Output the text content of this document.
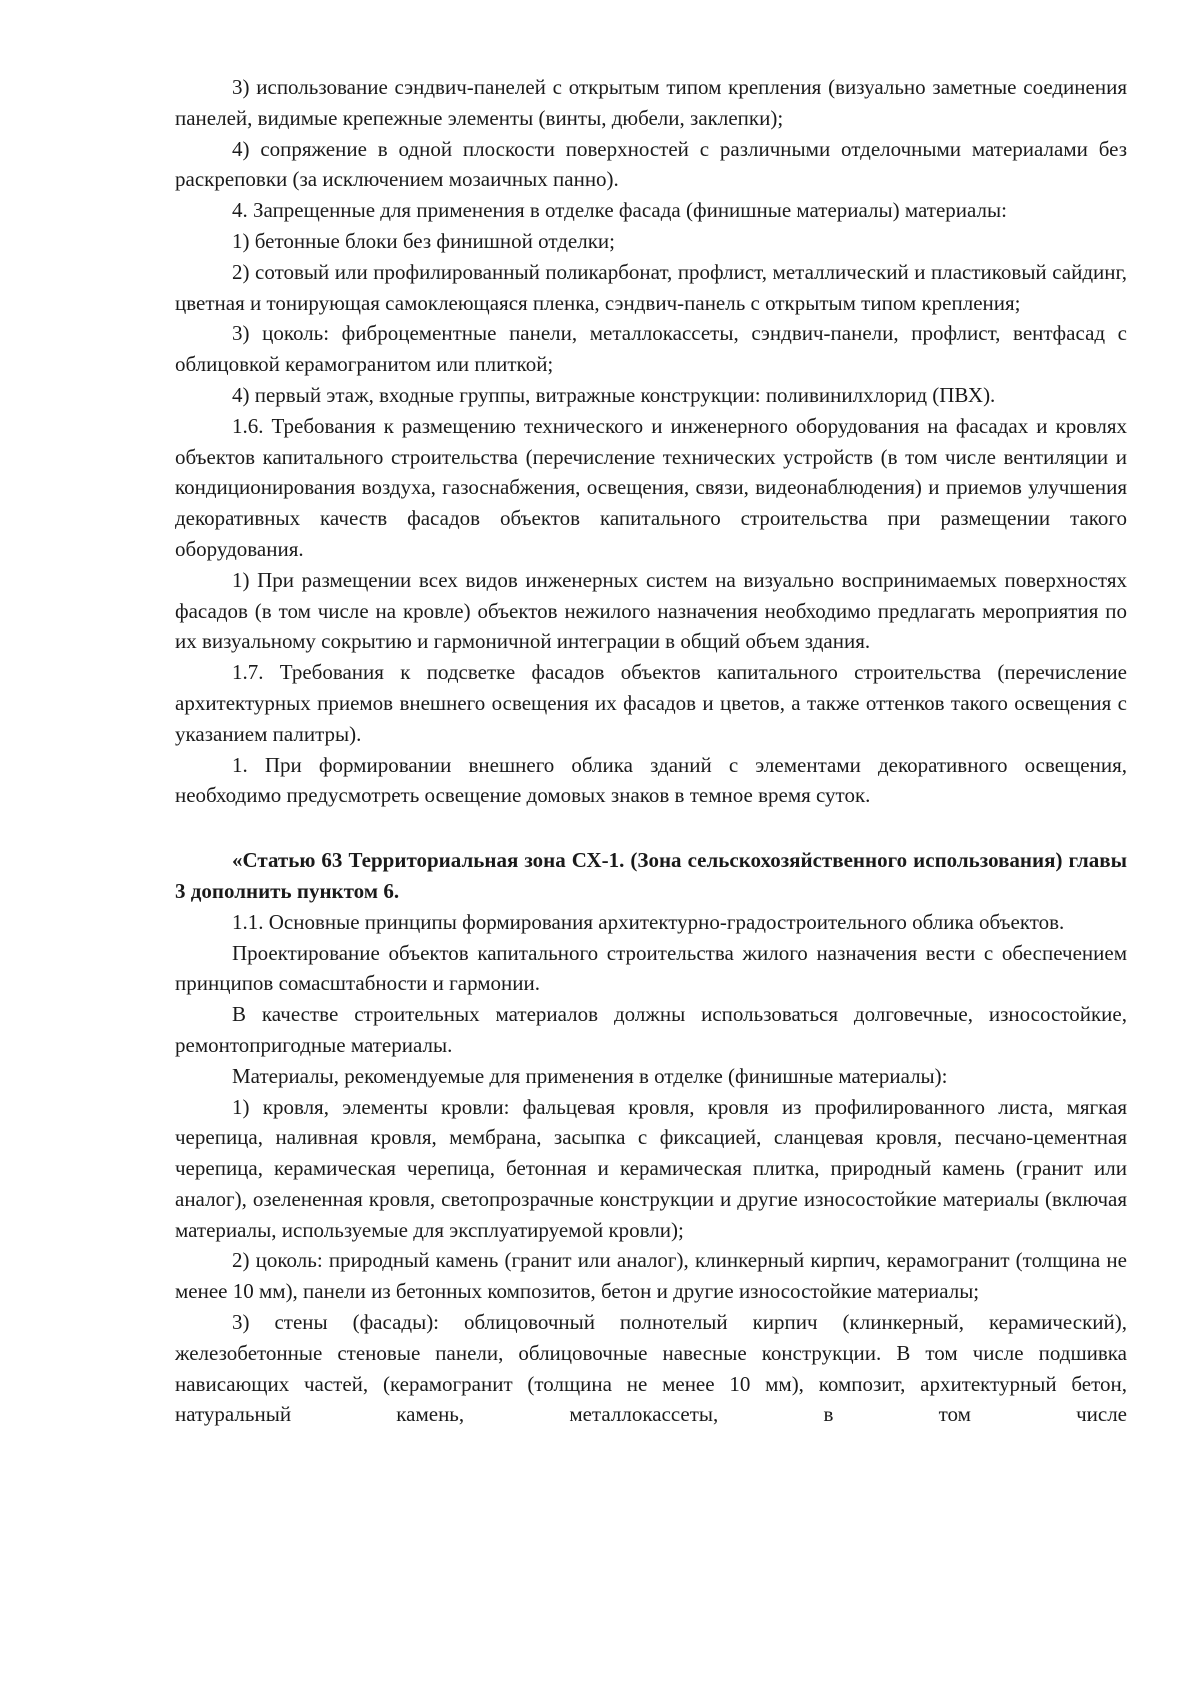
3) использование сэндвич-панелей с открытым типом крепления (визуально заметные соединения панелей, видимые крепежные элементы (винты, дюбели, заклепки);

4) сопряжение в одной плоскости поверхностей с различными отделочными материалами без раскреповки (за исключением мозаичных панно).

4. Запрещенные для применения в отделке фасада (финишные материалы) материалы:

1) бетонные блоки без финишной отделки;

2) сотовый или профилированный поликарбонат, профлист, металлический и пластиковый сайдинг, цветная и тонирующая самоклеющаяся пленка, сэндвич-панель с открытым типом крепления;

3) цоколь: фиброцементные панели, металлокассеты, сэндвич-панели, профлист, вентфасад с облицовкой керамогранитом или плиткой;

4) первый этаж, входные группы, витражные конструкции: поливинилхлорид (ПВХ).

1.6. Требования к размещению технического и инженерного оборудования на фасадах и кровлях объектов капитального строительства (перечисление технических устройств (в том числе вентиляции и кондиционирования воздуха, газоснабжения, освещения, связи, видеонаблюдения) и приемов улучшения декоративных качеств фасадов объектов капитального строительства при размещении такого оборудования.

1) При размещении всех видов инженерных систем на визуально воспринимаемых поверхностях фасадов (в том числе на кровле) объектов нежилого назначения необходимо предлагать мероприятия по их визуальному сокрытию и гармоничной интеграции в общий объем здания.

1.7. Требования к подсветке фасадов объектов капитального строительства (перечисление архитектурных приемов внешнего освещения их фасадов и цветов, а также оттенков такого освещения с указанием палитры).

1. При формировании внешнего облика зданий с элементами декоративного освещения, необходимо предусмотреть освещение домовых знаков в темное время суток.

«Статью 63 Территориальная зона СХ-1. (Зона сельскохозяйственного использования) главы 3 дополнить пунктом 6.

1.1. Основные принципы формирования архитектурно-градостроительного облика объектов.

Проектирование объектов капитального строительства жилого назначения вести с обеспечением принципов сомасштабности и гармонии.

В качестве строительных материалов должны использоваться долговечные, износостойкие, ремонтопригодные материалы.

Материалы, рекомендуемые для применения в отделке (финишные материалы):

1) кровля, элементы кровли: фальцевая кровля, кровля из профилированного листа, мягкая черепица, наливная кровля, мембрана, засыпка с фиксацией, сланцевая кровля, песчано-цементная черепица, керамическая черепица, бетонная и керамическая плитка, природный камень (гранит или аналог), озелененная кровля, светопрозрачные конструкции и другие износостойкие материалы (включая материалы, используемые для эксплуатируемой кровли);

2) цоколь: природный камень (гранит или аналог), клинкерный кирпич, керамогранит (толщина не менее 10 мм), панели из бетонных композитов, бетон и другие износостойкие материалы;

3) стены (фасады): облицовочный полнотелый кирпич (клинкерный, керамический), железобетонные стеновые панели, облицовочные навесные конструкции. В том числе подшивка нависающих частей, (керамогранит (толщина не менее 10 мм), композит, архитектурный бетон, натуральный камень, металлокассеты, в том числе
